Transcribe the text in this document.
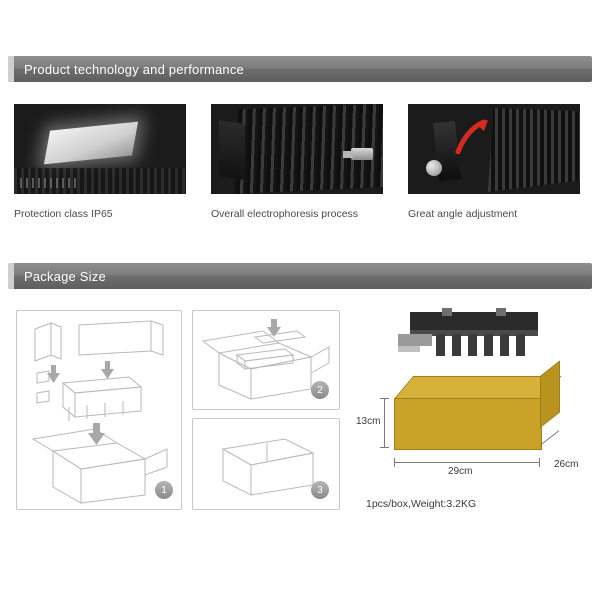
Product technology and performance
Protection class IP65	Overall electrophoresis process	Great angle adjustment
Package Size
1
2
3
13cm
29cm
26cm
1pcs/box,Weight:3.2KG
